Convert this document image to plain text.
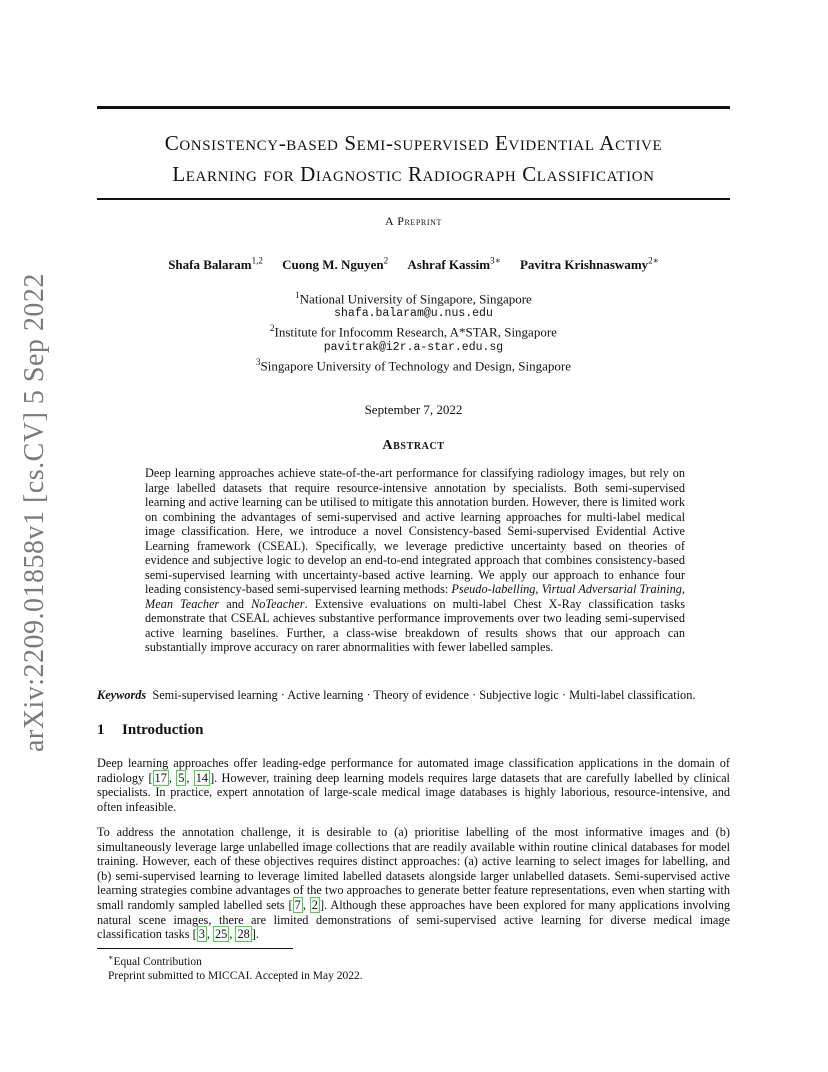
arXiv:2209.01858v1 [cs.CV] 5 Sep 2022
Consistency-based Semi-supervised Evidential Active
Learning for Diagnostic Radiograph Classification
A Preprint
Shafa Balaram$^{1,2}$ Cuong M. Nguyen$^2$ Ashraf Kassim$^{3∗}$ Pavitra Krishnaswamy$^{2∗}$
$^1$National University of Singapore, Singapore
shafa.balaram@u.nus.edu
$^2$Institute for Infocomm Research, A*STAR, Singapore
pavitrak@i2r.a-star.edu.sg
$^3$Singapore University of Technology and Design, Singapore
September 7, 2022
Abstract
Deep learning approaches achieve state-of-the-art performance for classifying radiology images, but rely on large labelled datasets that require resource-intensive annotation by specialists. Both semi-supervised learning and active learning can be utilised to mitigate this annotation burden. However, there is limited work on combining the advantages of semi-supervised and active learning approaches for multi-label medical image classification. Here, we introduce a novel Consistency-based Semi-supervised Evidential Active Learning framework (CSEAL). Specifically, we leverage predictive uncertainty based on theories of evidence and subjective logic to develop an end-to-end integrated approach that combines consistency-based semi-supervised learning with uncertainty-based active learning. We apply our approach to enhance four leading consistency-based semi-supervised learning methods: Pseudo-labelling, Virtual Adversarial Training, Mean Teacher and NoTeacher. Extensive evaluations on multi-label Chest X-Ray classification tasks demonstrate that CSEAL achieves substantive performance improvements over two leading semi-supervised active learning baselines. Further, a class-wise breakdown of results shows that our approach can substantially improve accuracy on rarer abnormalities with fewer labelled samples.
Keywords Semi-supervised learning · Active learning · Theory of evidence · Subjective logic · Multi-label classification.
1 Introduction
Deep learning approaches offer leading-edge performance for automated image classification applications in the domain of radiology [ 17 , 5 , 14 ]. However, training deep learning models requires large datasets that are carefully labelled by clinical specialists. In practice, expert annotation of large-scale medical image databases is highly laborious, resource-intensive, and often infeasible.
To address the annotation challenge, it is desirable to (a) prioritise labelling of the most informative images and (b) simultaneously leverage large unlabelled image collections that are readily available within routine clinical databases for model training. However, each of these objectives requires distinct approaches: (a) active learning to select images for labelling, and (b) semi-supervised learning to leverage limited labelled datasets alongside larger unlabelled datasets. Semi-supervised active learning strategies combine advantages of the two approaches to generate better feature representations, even when starting with small randomly sampled labelled sets [ 7 , 2 ]. Although these approaches have been explored for many applications involving natural scene images, there are limited demonstrations of semi-supervised active learning for diverse medical image classification tasks [ 3 , 25 , 28 ].
∗Equal Contribution
Preprint submitted to MICCAI. Accepted in May 2022.
